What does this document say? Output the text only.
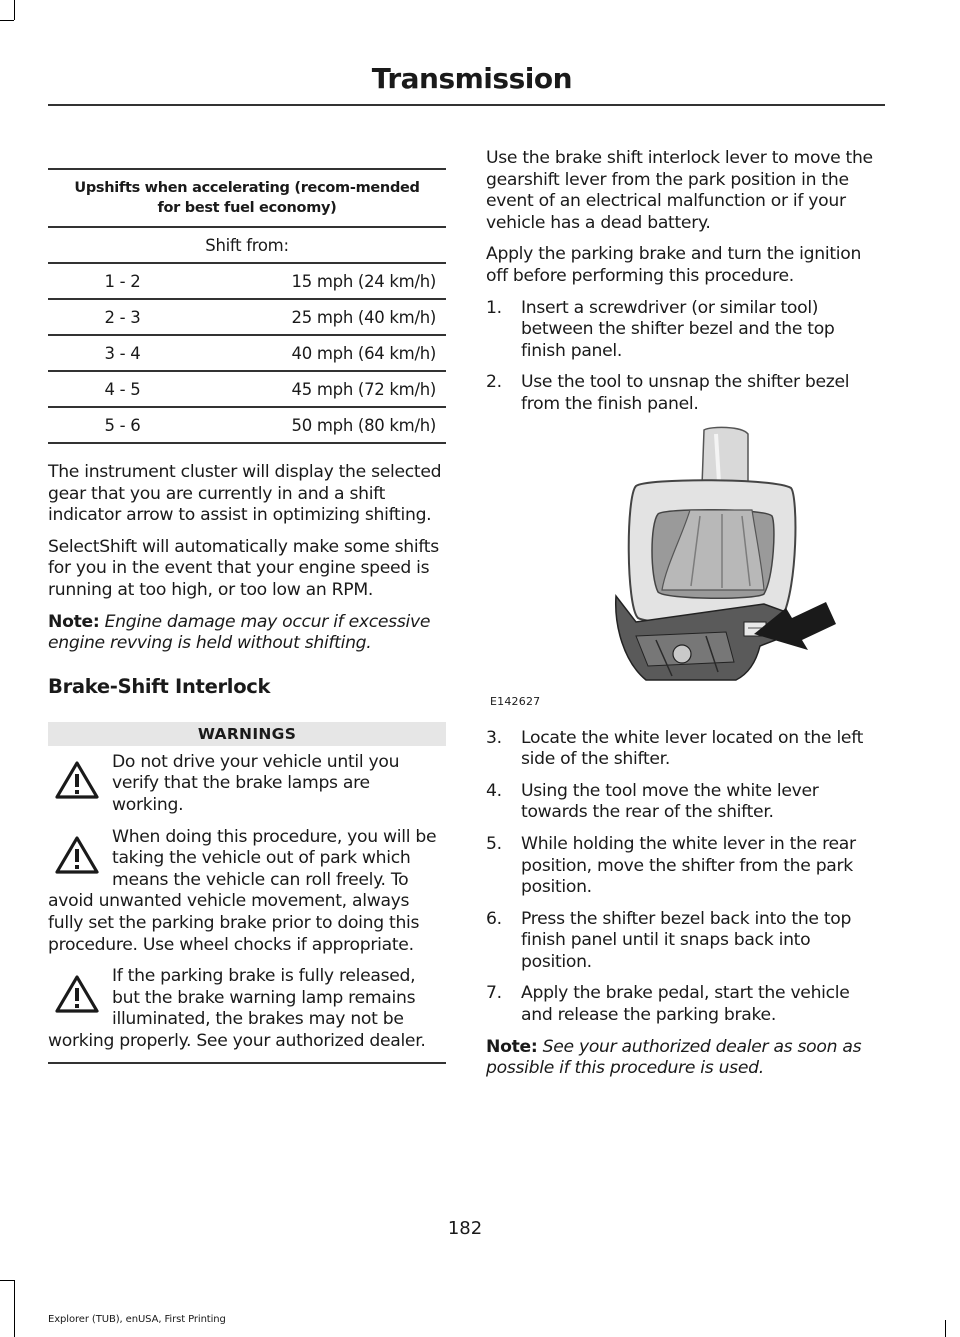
Transmission
Upshifts when accelerating (recom-mended for best fuel economy)	
Shift from:	
1 - 2	15 mph (24 km/h)
2 - 3	25 mph (40 km/h)
3 - 4	40 mph (64 km/h)
4 - 5	45 mph (72 km/h)
5 - 6	50 mph (80 km/h)

The instrument cluster will display the selected gear that you are currently in and a shift indicator arrow to assist in optimizing shifting.

SelectShift will automatically make some shifts for you in the event that your engine speed is running at too high, or too low an RPM.

Note: Engine damage may occur if excessive engine revving is held without shifting.

Brake-Shift Interlock
WARNINGS
Do not drive your vehicle until you verify that the brake lamps are working.
When doing this procedure, you will be taking the vehicle out of park which means the vehicle can roll freely. To avoid unwanted vehicle movement, always fully set the parking brake prior to doing this procedure. Use wheel chocks if appropriate.
If the parking brake is fully released, but the brake warning lamp remains illuminated, the brakes may not be working properly. See your authorized dealer.

Use the brake shift interlock lever to move the gearshift lever from the park position in the event of an electrical malfunction or if your vehicle has a dead battery.

Apply the parking brake and turn the ignition off before performing this procedure.

1. Insert a screwdriver (or similar tool) between the shifter bezel and the top finish panel.
2. Use the tool to unsnap the shifter bezel from the finish panel.
E142627
3. Locate the white lever located on the left side of the shifter.
4. Using the tool move the white lever towards the rear of the shifter.
5. While holding the white lever in the rear position, move the shifter from the park position.
6. Press the shifter bezel back into the top finish panel until it snaps back into position.
7. Apply the brake pedal, start the vehicle and release the parking brake.

Note: See your authorized dealer as soon as possible if this procedure is used.

182
Explorer (TUB), enUSA, First Printing
